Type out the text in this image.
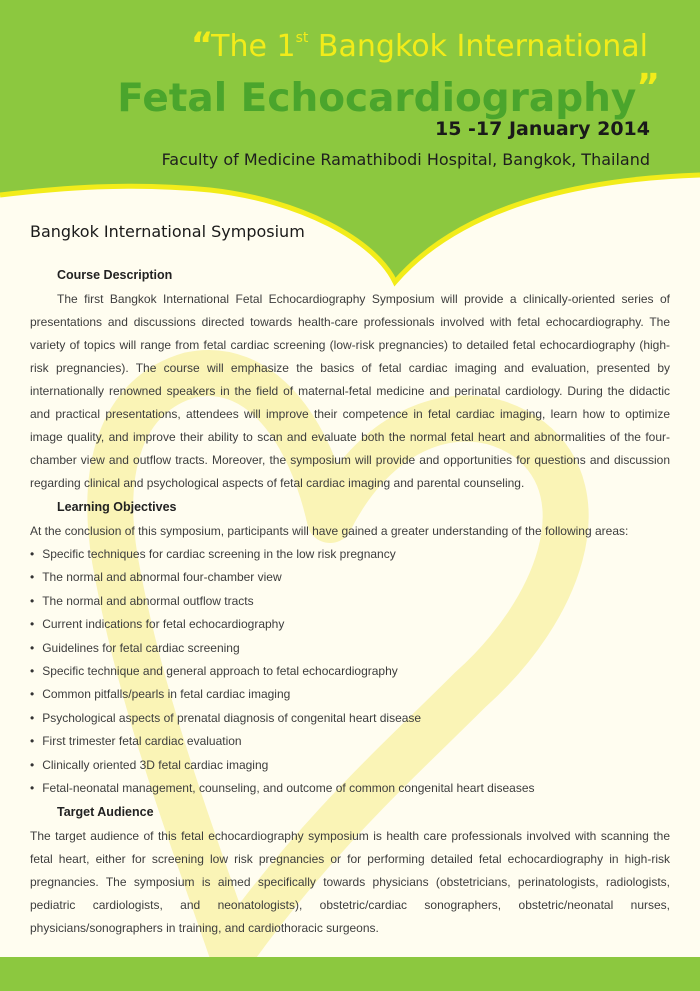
“The 1st Bangkok International
Fetal Echocardiography”
15 -17 January 2014
Faculty of Medicine Ramathibodi Hospital, Bangkok, Thailand
Bangkok International Symposium
Course Description

The first Bangkok International Fetal Echocardiography Symposium will provide a clinically-oriented series of presentations and discussions directed towards health-care professionals involved with fetal echocardiography. The variety of topics will range from fetal cardiac screening (low-risk pregnancies) to detailed fetal echocardiography (high-risk pregnancies). The course will emphasize the basics of fetal cardiac imaging and evaluation, presented by internationally renowned speakers in the field of maternal-fetal medicine and perinatal cardiology. During the didactic and practical presentations, attendees will improve their competence in fetal cardiac imaging, learn how to optimize image quality, and improve their ability to scan and evaluate both the normal fetal heart and abnormalities of the four-chamber view and outflow tracts. Moreover, the symposium will provide and opportunities for questions and discussion regarding clinical and psychological aspects of fetal cardiac imaging and parental counseling.

Learning Objectives

At the conclusion of this symposium, participants will have gained a greater understanding of the following areas:

• Specific techniques for cardiac screening in the low risk pregnancy
• The normal and abnormal four-chamber view
• The normal and abnormal outflow tracts
• Current indications for fetal echocardiography
• Guidelines for fetal cardiac screening
• Specific technique and general approach to fetal echocardiography
• Common pitfalls/pearls in fetal cardiac imaging
• Psychological aspects of prenatal diagnosis of congenital heart disease
• First trimester fetal cardiac evaluation
• Clinically oriented 3D fetal cardiac imaging
• Fetal-neonatal management, counseling, and outcome of common congenital heart diseases
Target Audience

The target audience of this fetal echocardiography symposium is health care professionals involved with scanning the fetal heart, either for screening low risk pregnancies or for performing detailed fetal echocardiography in high-risk pregnancies. The symposium is aimed specifically towards physicians (obstetricians, perinatologists, radiologists, pediatric cardiologists, and neonatologists), obstetric/cardiac sonographers, obstetric/neonatal nurses, physicians/sonographers in training, and cardiothoracic surgeons.
